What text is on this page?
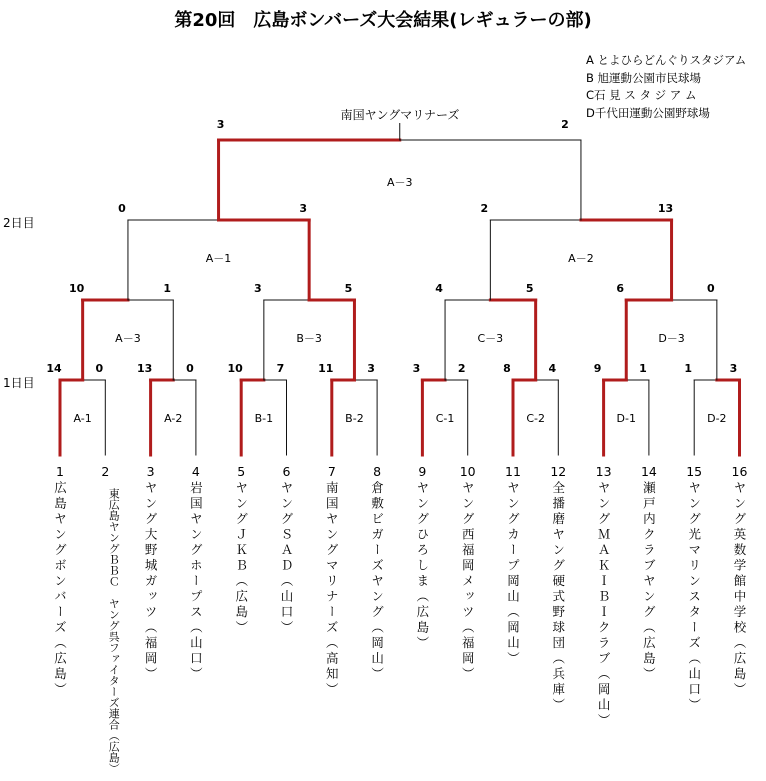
第20回　広島ボンバーズ大会結果(レギュラーの部)
A とよひらどんぐりスタジアム
B 旭運動公園市民球場
C石 見 ス タ ジ ア ム
D千代田運動公園野球場
2日目
1日目
南国ヤングマリナーズ
14	0
A-1
13	0
A-2
10	7
B-1
11	3
B-2
3	2
C-1
8	4
C-2
9	1
D-1
1	3
D-2
10	1
A－3
3	5
B－3
4	5
C－3
6	0
D－3
0	3
A－1
2	13
A－2
3	2
A－3
1
広島ヤングボンバーズ（広島）
2
東広島ヤングＢＢＣ　ヤング呉ファイターズ連合（広島）
3
ヤング大野城ガッツ（福岡）
4
岩国ヤングホープス（山口）
5
ヤングＪＫＢ（広島）
6
ヤングＳＡＤ（山口）
7
南国ヤングマリナーズ（高知）
8
倉敷ビガーズヤング（岡山）
9
ヤングひろしま（広島）
10
ヤング西福岡メッツ（福岡）
11
ヤングカープ岡山（岡山）
12
全播磨ヤング硬式野球団（兵庫）
13
ヤングＭＡＫＩＢＩクラブ（岡山）
14
瀬戸内クラブヤング（広島）
15
ヤング光マリンスターズ（山口）
16
ヤング英数学館中学校（広島）
